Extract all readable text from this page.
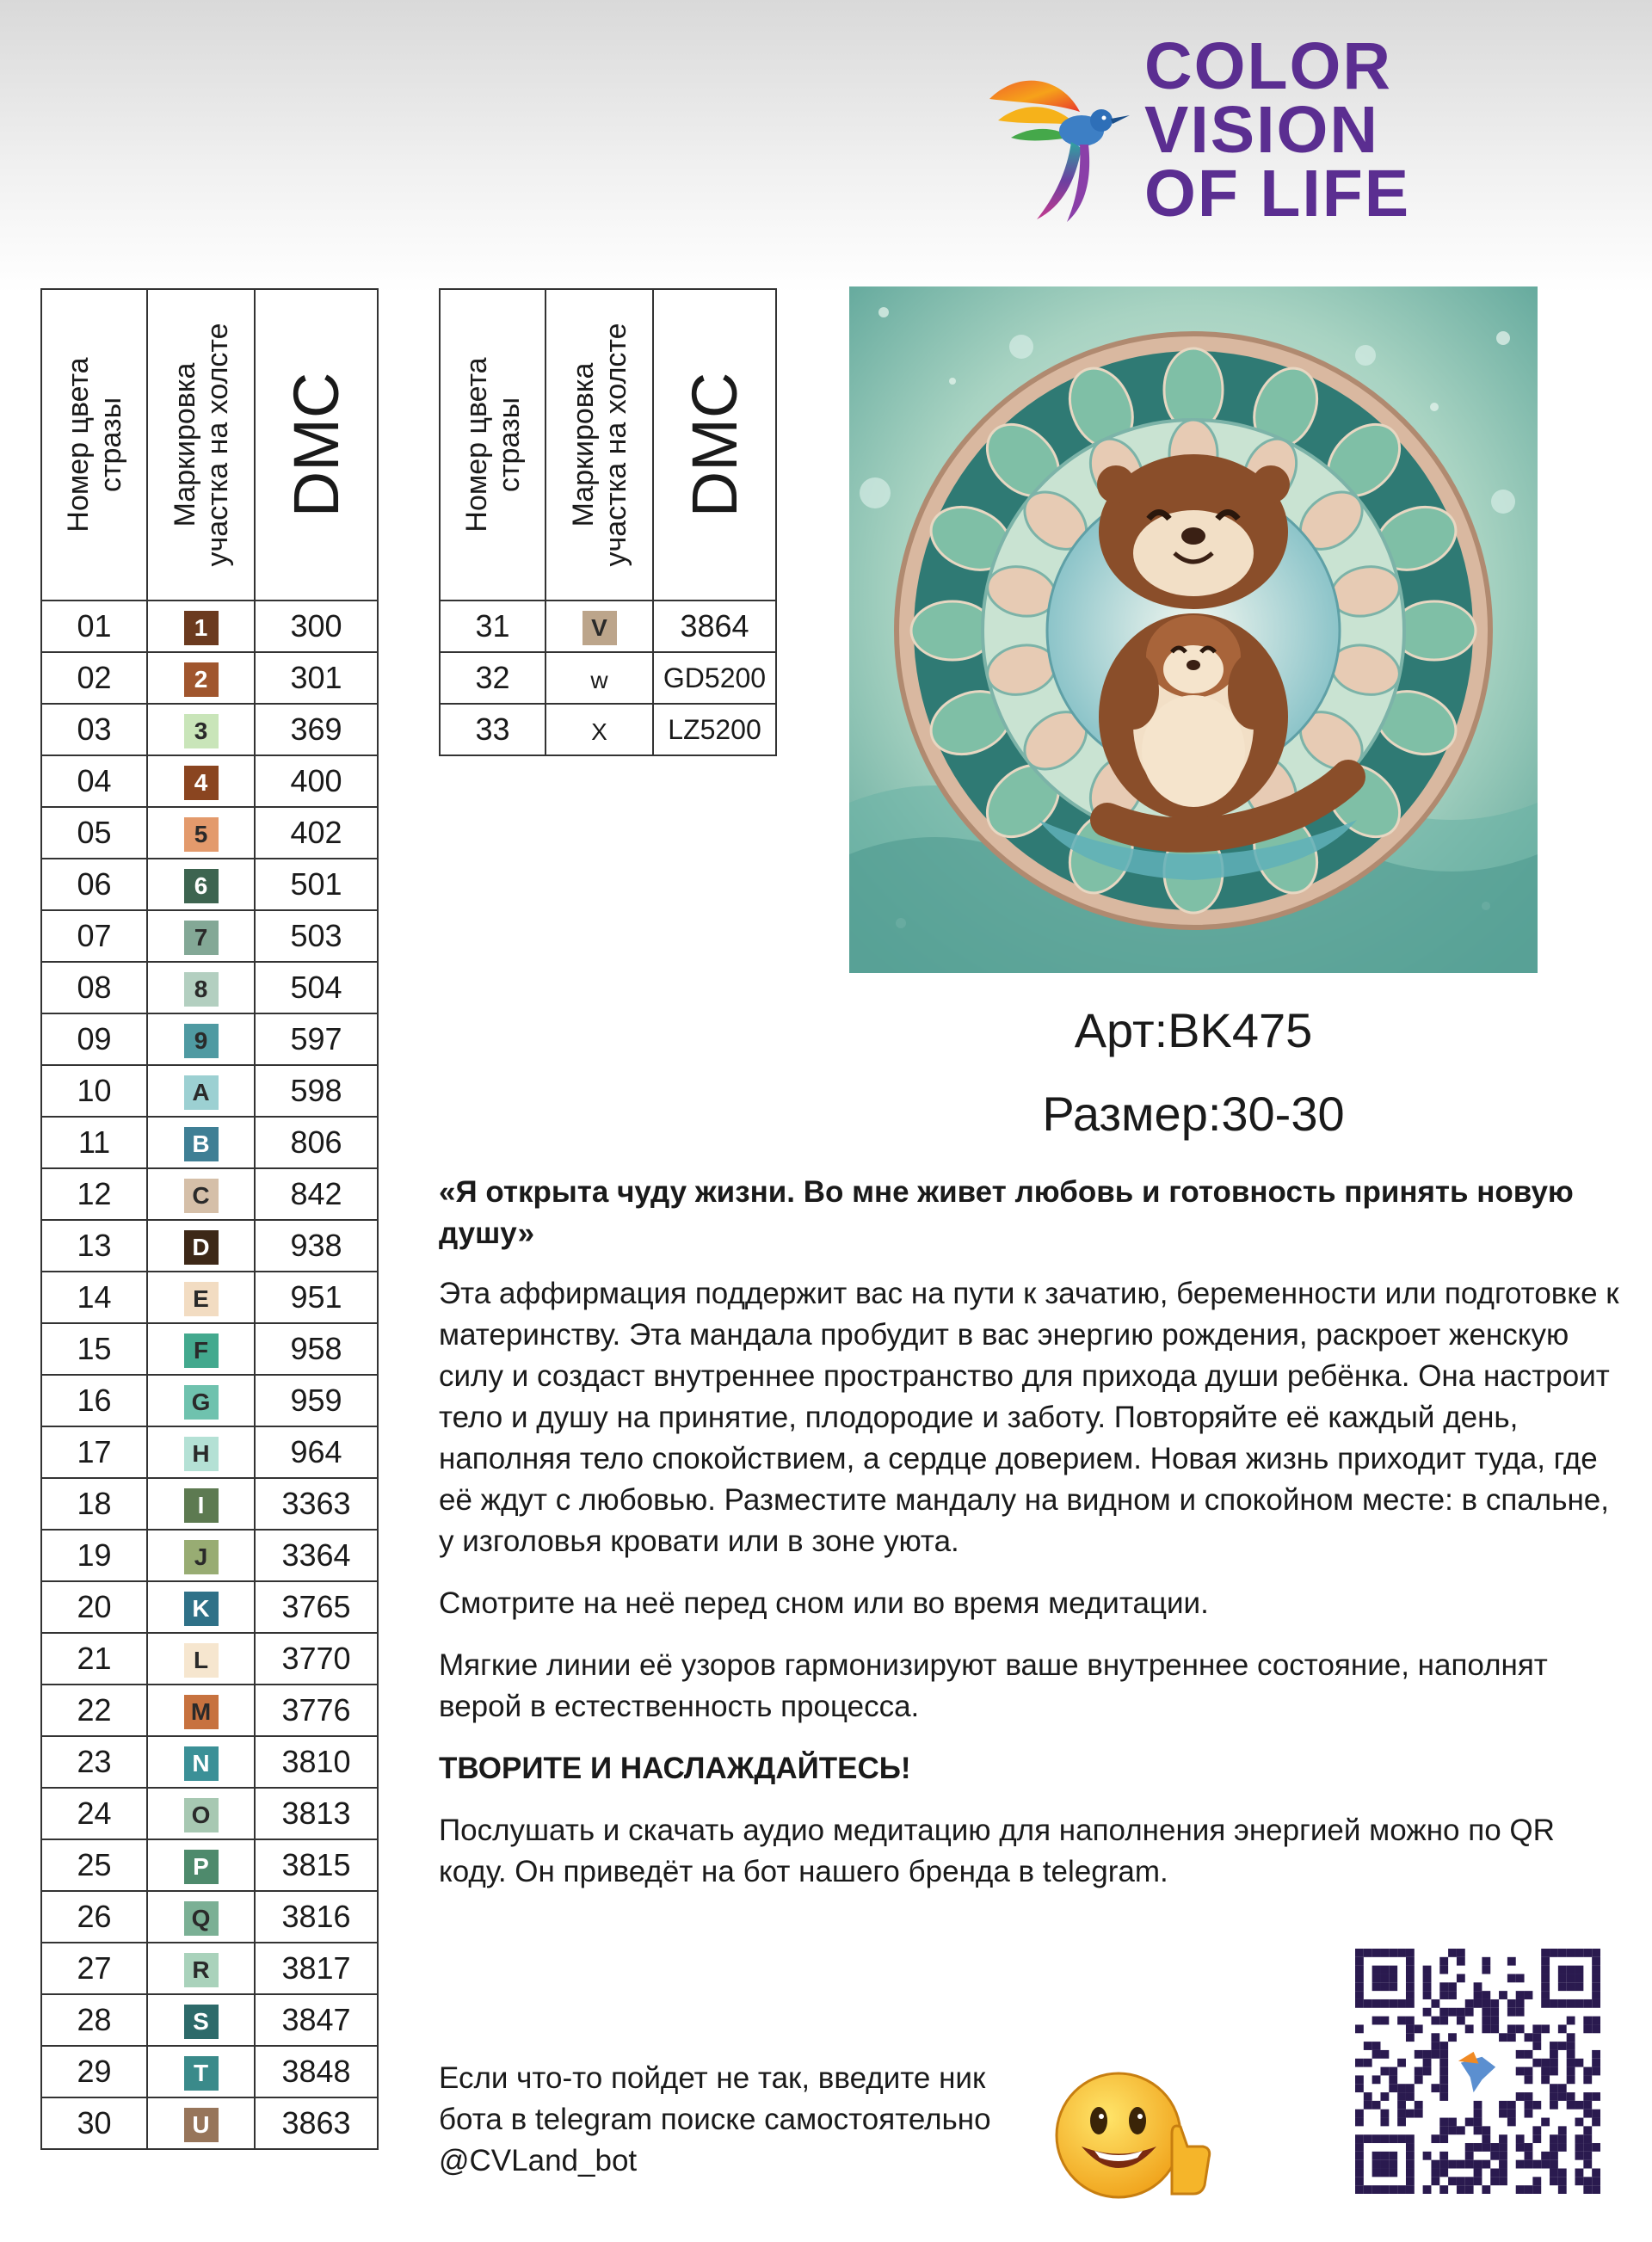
COLOR
VISION
OF LIFE
Номер цвета стразы	Маркировка участка на холсте	DMC

01	1	300
02	2	301
03	3	369
04	4	400
05	5	402
06	6	501
07	7	503
08	8	504
09	9	597
10	A	598
11	B	806
12	C	842
13	D	938
14	E	951
15	F	958
16	G	959
17	H	964
18	I	3363
19	J	3364
20	K	3765
21	L	3770
22	M	3776
23	N	3810
24	O	3813
25	P	3815
26	Q	3816
27	R	3817
28	S	3847
29	T	3848
30	U	3863
Номер цвета стразы	Маркировка участка на холсте	DMC

31	V	3864
32	w	GD5200
33	X	LZ5200
Арт:BK475
Размер:30-30

«Я открыта чуду жизни. Во мне живет любовь и готовность принять новую душу»

Эта аффирмация поддержит вас на пути к зачатию, беременности или подготовке к материнству. Эта мандала пробудит в вас энергию рождения, раскроет женскую силу и создаст внутреннее пространство для прихода души ребёнка. Она настроит тело и душу на принятие, плодородие и заботу. Повторяйте её каждый день, наполняя тело спокойствием, а сердце доверием. Новая жизнь приходит туда, где её ждут с любовью. Разместите мандалу на видном и спокойном месте: в спальне, у изголовья кровати или в зоне уюта.

Смотрите на неё перед сном или во время медитации.

Мягкие линии её узоров гармонизируют ваше внутреннее состояние, наполнят верой в естественность процесса.

ТВОРИТЕ И НАСЛАЖДАЙТЕСЬ!

Послушать и скачать аудио медитацию для наполнения энергией можно по QR коду. Он приведёт на бот нашего бренда в telegram.

Если что-то пойдет не так, введите ник
бота в telegram поиске самостоятельно
@CVLand_bot
